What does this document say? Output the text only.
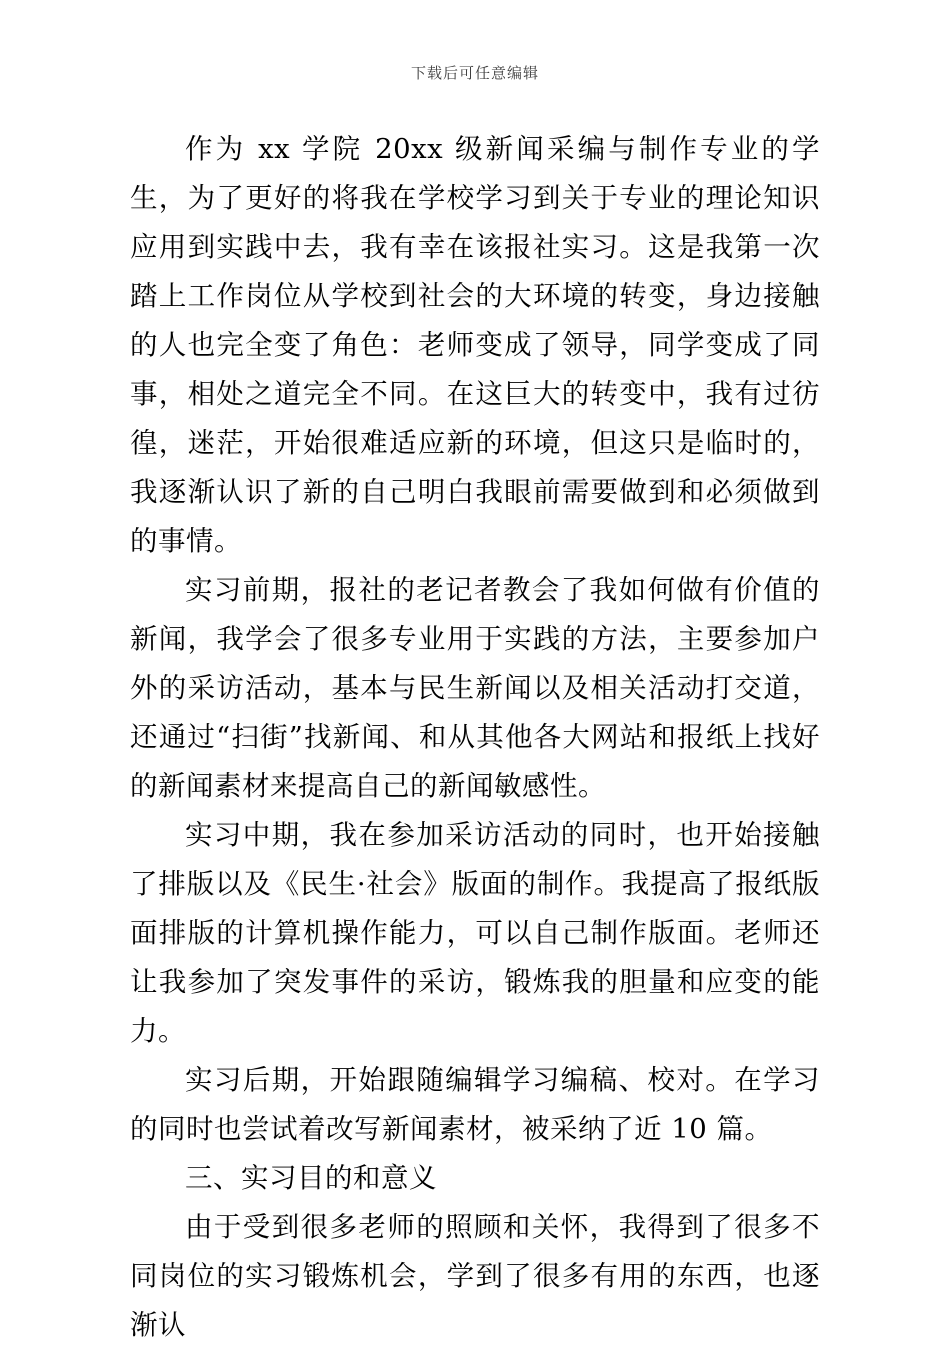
下载后可任意编辑

作为 xx 学院 20xx 级新闻采编与制作专业的学生，为了更好的将我在学校学习到关于专业的理论知识应用到实践中去，我有幸在该报社实习。这是我第一次踏上工作岗位从学校到社会的大环境的转变，身边接触的人也完全变了角色：老师变成了领导，同学变成了同事，相处之道完全不同。在这巨大的转变中，我有过彷徨，迷茫，开始很难适应新的环境，但这只是临时的，我逐渐认识了新的自己明白我眼前需要做到和必须做到的事情。

实习前期，报社的老记者教会了我如何做有价值的新闻，我学会了很多专业用于实践的方法，主要参加户外的采访活动，基本与民生新闻以及相关活动打交道，还通过“扫街”找新闻、和从其他各大网站和报纸上找好的新闻素材来提高自己的新闻敏感性。

实习中期，我在参加采访活动的同时，也开始接触了排版以及《民生·社会》版面的制作。我提高了报纸版面排版的计算机操作能力，可以自己制作版面。老师还让我参加了突发事件的采访，锻炼我的胆量和应变的能力。

实习后期，开始跟随编辑学习编稿、校对。在学习的同时也尝试着改写新闻素材，被采纳了近 10 篇。

三、实习目的和意义

由于受到很多老师的照顾和关怀，我得到了很多不同岗位的实习锻炼机会，学到了很多有用的东西，也逐渐认
